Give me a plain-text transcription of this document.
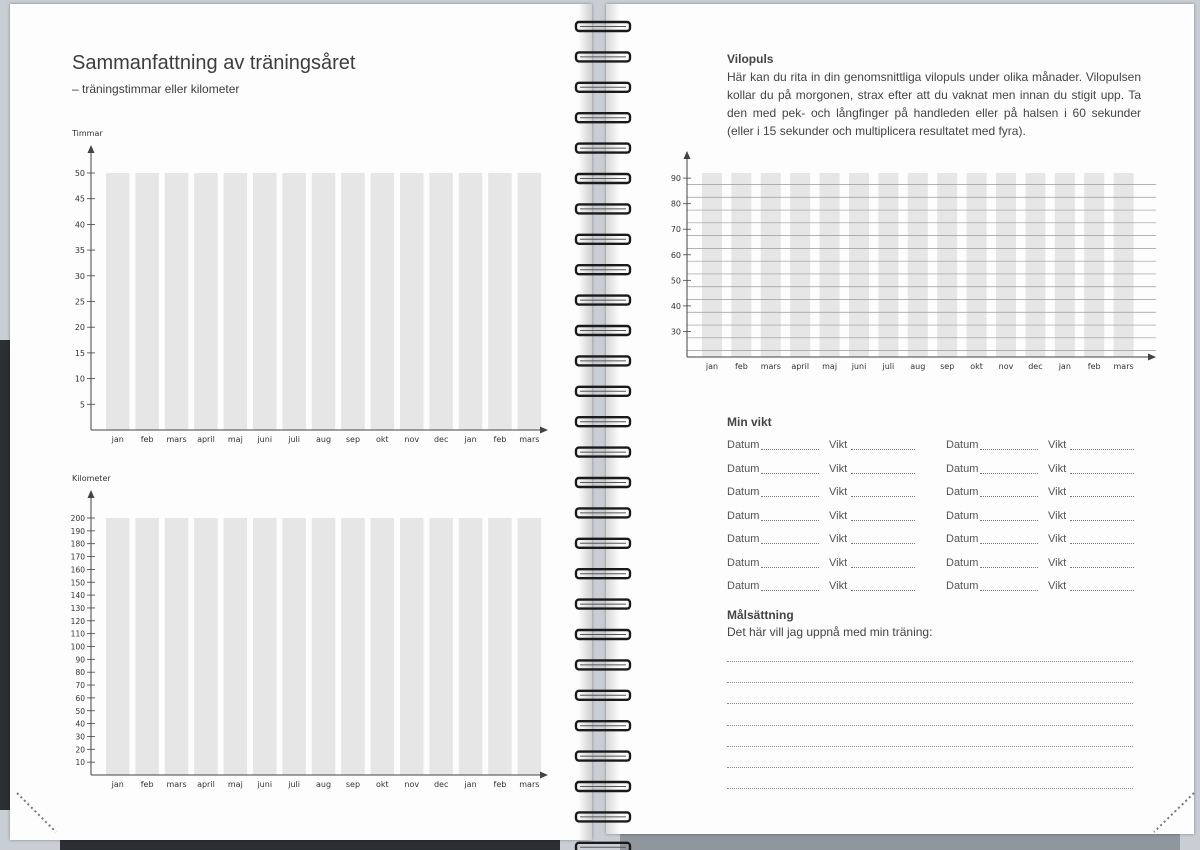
Sammanfattning av träningsåret
– träningstimmar eller kilometer
Timmar
jan feb mars april maj juni juli aug sep okt nov dec jan feb mars
5
10
15
20
25
30
35
40
45
50
Kilometer
jan feb mars april maj juni juli aug sep okt nov dec jan feb mars
10
20
30
40
50
60
70
80
90
100
110
120
130
140
150
160
170
180
190
200
Vilopuls
Här kan du rita in din genomsnittliga vilopuls under olika månader. Vilopulsen kollar du på morgonen, strax efter att du vaknat men innan du stigit upp. Ta den med pek- och långfinger på handleden eller på halsen i 60 sekunder (eller i 15 sekunder och multiplicera resultatet med fyra).
jan feb mars april maj juni juli aug sep okt nov dec jan feb mars
30
40
50
60
70
80
90
Min vikt
Datum	Vikt	Datum	Vikt
Datum	Vikt	Datum	Vikt
Datum	Vikt	Datum	Vikt
Datum	Vikt	Datum	Vikt
Datum	Vikt	Datum	Vikt
Datum	Vikt	Datum	Vikt
Datum	Vikt	Datum	Vikt
Målsättning
Det här vill jag uppnå med min träning:
